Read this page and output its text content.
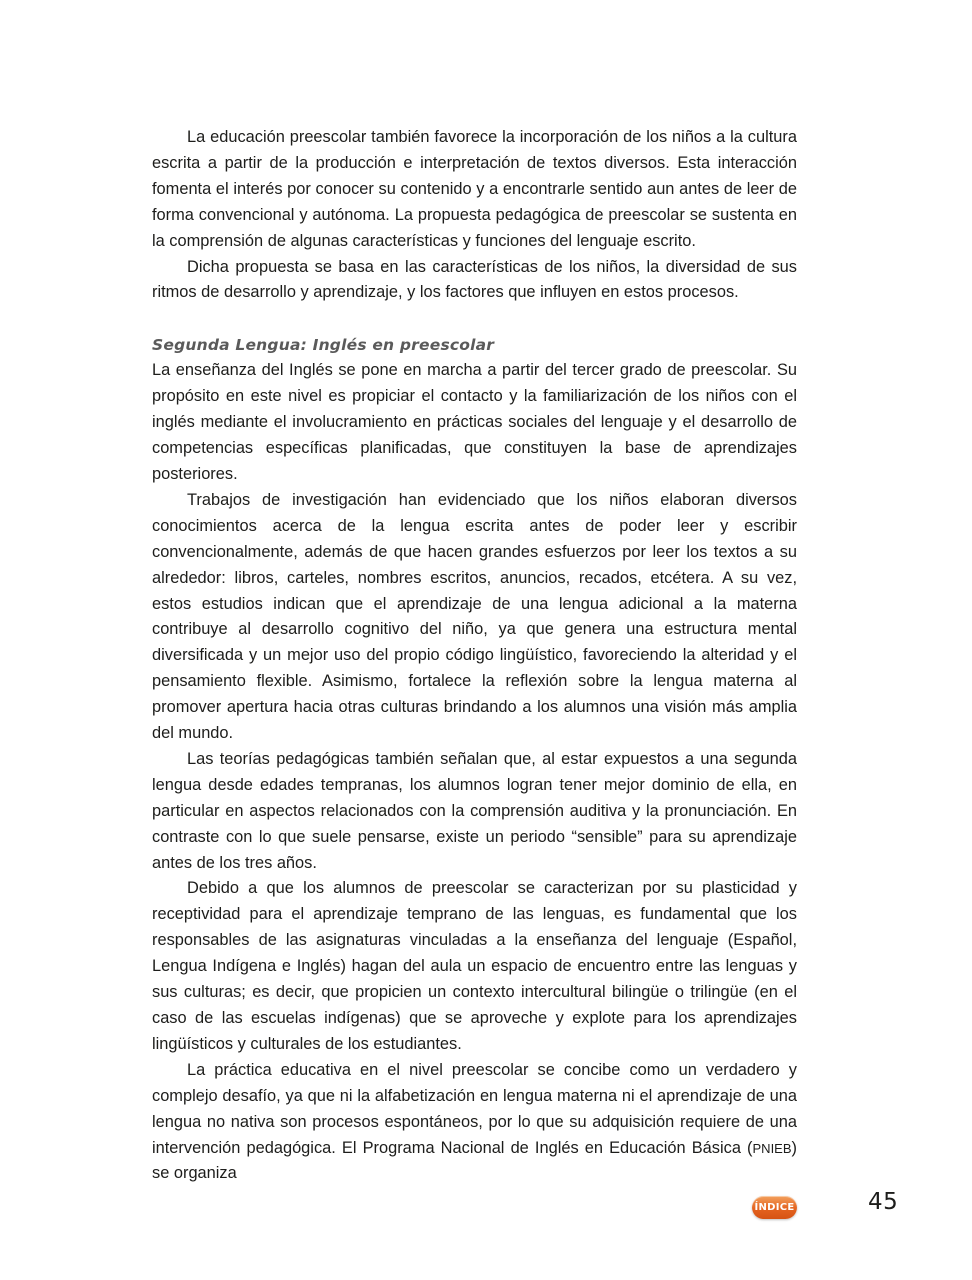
La educación preescolar también favorece la incorporación de los niños a la cultura escrita a partir de la producción e interpretación de textos diversos. Esta interacción fomenta el interés por conocer su contenido y a encontrarle sentido aun antes de leer de forma convencional y autónoma. La propuesta pedagógica de preescolar se sustenta en la comprensión de algunas características y funciones del lenguaje escrito.

Dicha propuesta se basa en las características de los niños, la diversidad de sus ritmos de desarrollo y aprendizaje, y los factores que influyen en estos procesos.

Segunda Lengua: Inglés en preescolar

La enseñanza del Inglés se pone en marcha a partir del tercer grado de preescolar. Su propósito en este nivel es propiciar el contacto y la familiarización de los niños con el inglés mediante el involucramiento en prácticas sociales del lenguaje y el desarrollo de competencias específicas planificadas, que constituyen la base de aprendizajes posteriores.

Trabajos de investigación han evidenciado que los niños elaboran diversos conocimientos acerca de la lengua escrita antes de poder leer y escribir convencionalmente, además de que hacen grandes esfuerzos por leer los textos a su alrededor: libros, carteles, nombres escritos, anuncios, recados, etcétera. A su vez, estos estudios indican que el aprendizaje de una lengua adicional a la materna contribuye al desarrollo cognitivo del niño, ya que genera una estructura mental diversificada y un mejor uso del propio código lingüístico, favoreciendo la alteridad y el pensamiento flexible. Asimismo, fortalece la reflexión sobre la lengua materna al promover apertura hacia otras culturas brindando a los alumnos una visión más amplia del mundo.

Las teorías pedagógicas también señalan que, al estar expuestos a una segunda lengua desde edades tempranas, los alumnos logran tener mejor dominio de ella, en particular en aspectos relacionados con la comprensión auditiva y la pronunciación. En contraste con lo que suele pensarse, existe un periodo “sensible” para su aprendizaje antes de los tres años.

Debido a que los alumnos de preescolar se caracterizan por su plasticidad y receptividad para el aprendizaje temprano de las lenguas, es fundamental que los responsables de las asignaturas vinculadas a la enseñanza del lenguaje (Español, Lengua Indígena e Inglés) hagan del aula un espacio de encuentro entre las lenguas y sus culturas; es decir, que propicien un contexto intercultural bilingüe o trilingüe (en el caso de las escuelas indígenas) que se aproveche y explote para los aprendizajes lingüísticos y culturales de los estudiantes.

La práctica educativa en el nivel preescolar se concibe como un verdadero y complejo desafío, ya que ni la alfabetización en lengua materna ni el aprendizaje de una lengua no nativa son procesos espontáneos, por lo que su adquisición requiere de una intervención pedagógica. El Programa Nacional de Inglés en Educación Básica (PNIEB) se organiza

ÍNDICE	45
